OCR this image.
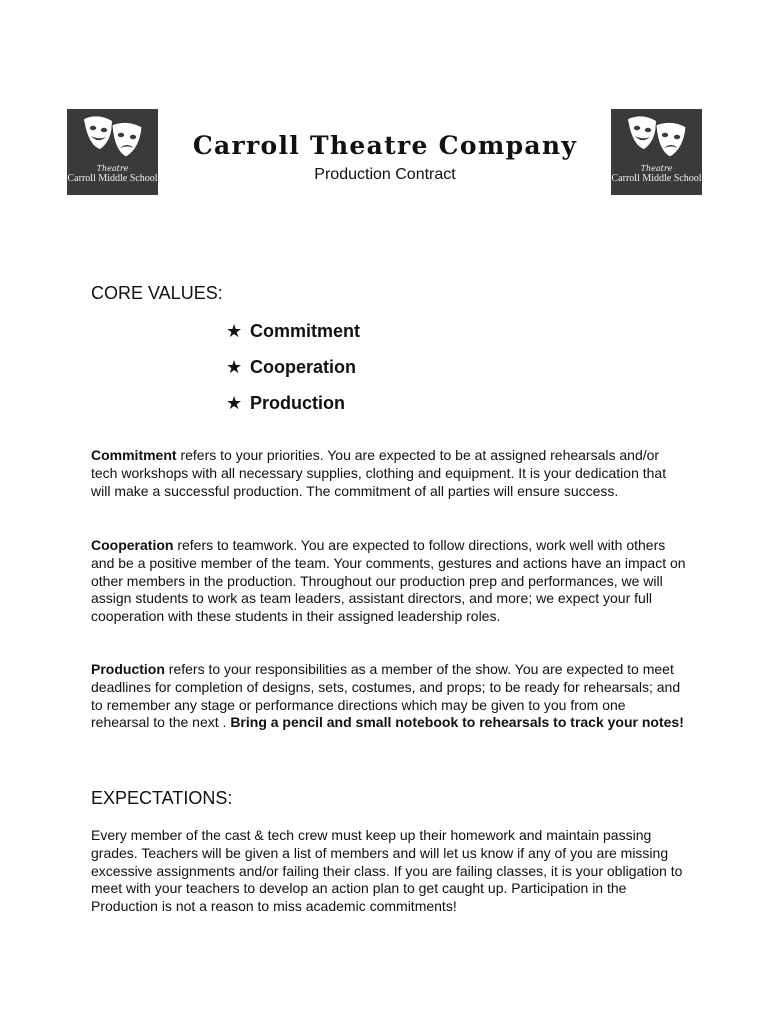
Theatre
Carroll Middle School
Theatre
Carroll Middle School
Carroll Theatre Company
Production Contract
CORE VALUES:
★ Commitment
★ Cooperation
★ Production

Commitment refers to your priorities. You are expected to be at assigned rehearsals and/or tech workshops with all necessary supplies, clothing and equipment. It is your dedication that will make a successful production. The commitment of all parties will ensure success.

Cooperation refers to teamwork. You are expected to follow directions, work well with others and be a positive member of the team. Your comments, gestures and actions have an impact on other members in the production. Throughout our production prep and performances, we will assign students to work as team leaders, assistant directors, and more; we expect your full cooperation with these students in their assigned leadership roles.

Production refers to your responsibilities as a member of the show. You are expected to meet deadlines for completion of designs, sets, costumes, and props; to be ready for rehearsals; and to remember any stage or performance directions which may be given to you from one rehearsal to the next . Bring a pencil and small notebook to rehearsals to track your notes!

EXPECTATIONS:

Every member of the cast & tech crew must keep up their homework and maintain passing grades. Teachers will be given a list of members and will let us know if any of you are missing excessive assignments and/or failing their class. If you are failing classes, it is your obligation to meet with your teachers to develop an action plan to get caught up. Participation in the Production is not a reason to miss academic commitments!
